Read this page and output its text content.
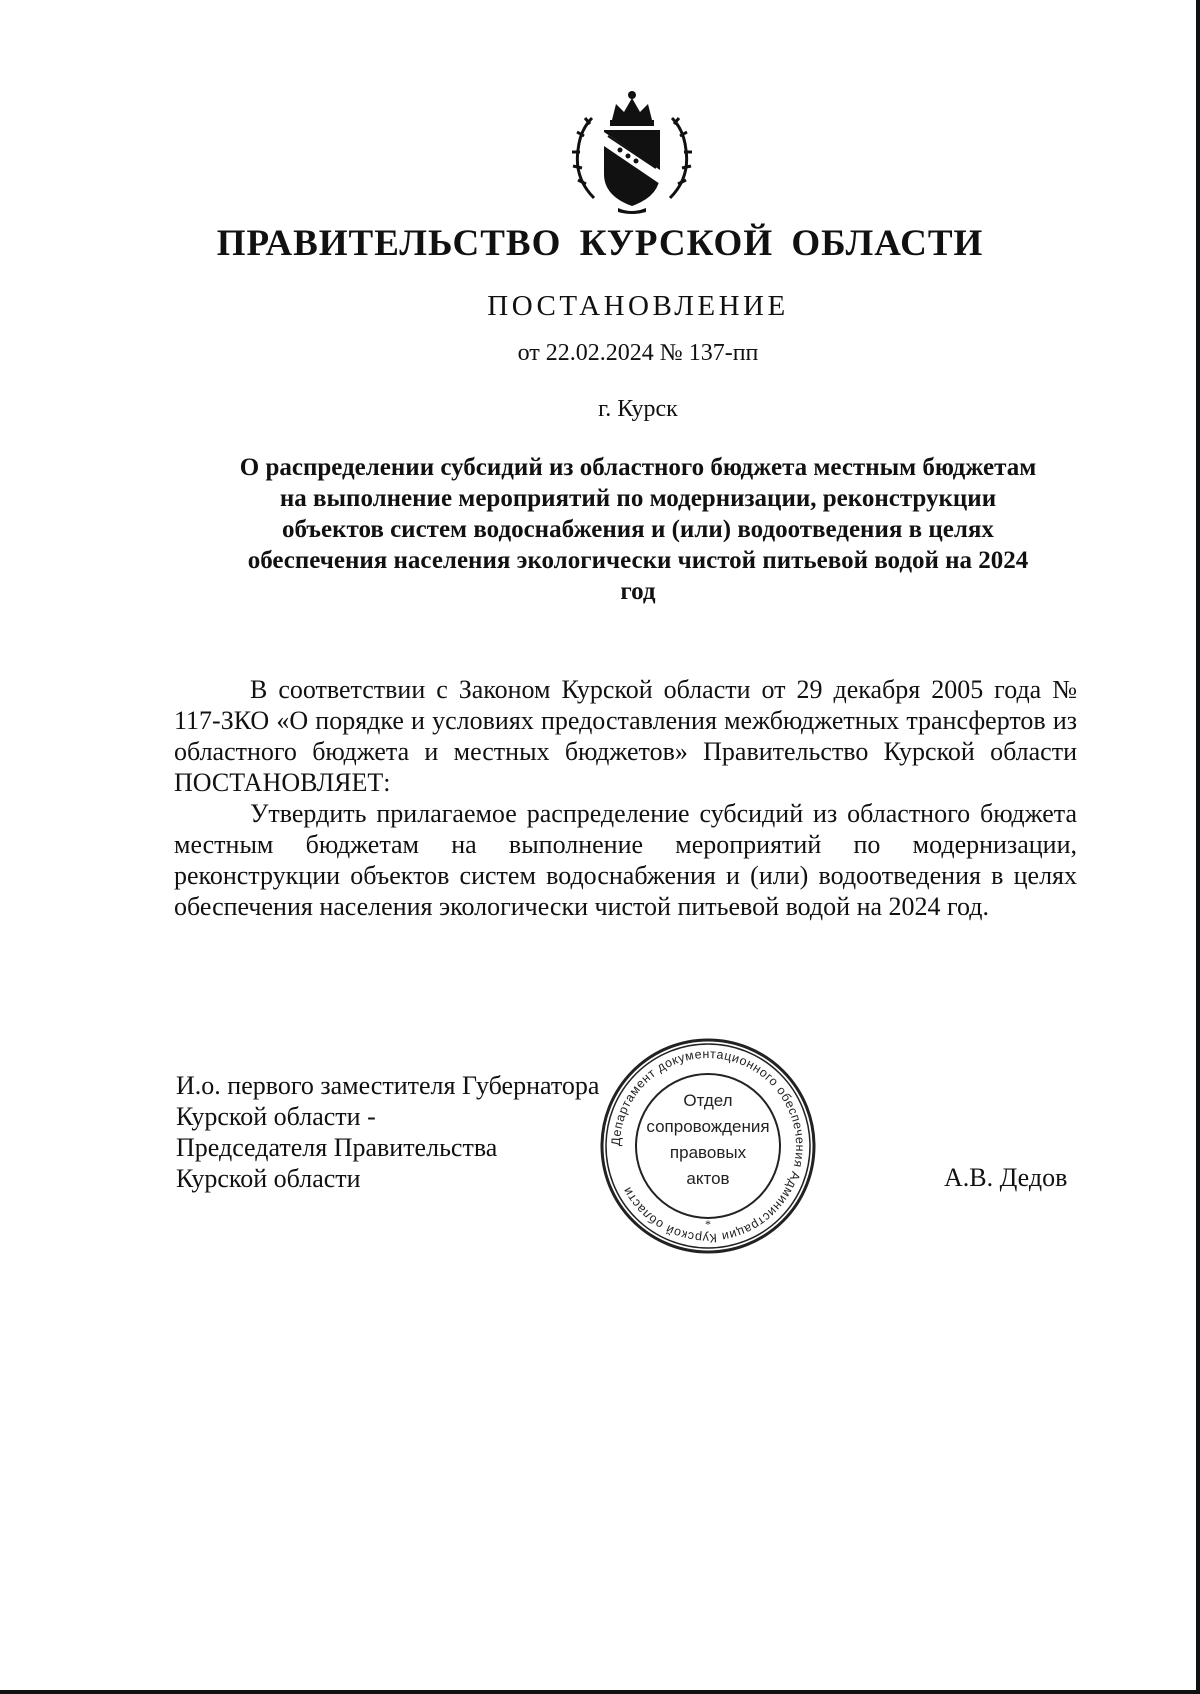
ПРАВИТЕЛЬСТВО КУРСКОЙ ОБЛАСТИ
ПОСТАНОВЛЕНИЕ
от 22.02.2024 № 137-пп
г. Курск
О распределении субсидий из областного бюджета местным бюджетам на выполнение мероприятий по модернизации, реконструкции объектов систем водоснабжения и (или) водоотведения в целях обеспечения населения экологически чистой питьевой водой на 2024 год

В соответствии с Законом Курской области от 29 декабря 2005 года № 117-ЗКО «О порядке и условиях предоставления межбюджетных трансфертов из областного бюджета и местных бюджетов» Правительство Курской области ПОСТАНОВЛЯЕТ:

Утвердить прилагаемое распределение субсидий из областного бюджета местным бюджетам на выполнение мероприятий по модернизации, реконструкции объектов систем водоснабжения и (или) водоотведения в целях обеспечения населения экологически чистой питьевой водой на 2024 год.

И.о. первого заместителя Губернатора
Курской области -
Председателя Правительства
Курской области
Департамент документационного обеспечения Администрации Курской области
*
Отдел
сопровождения
правовых
актов	А.В. Дедов
